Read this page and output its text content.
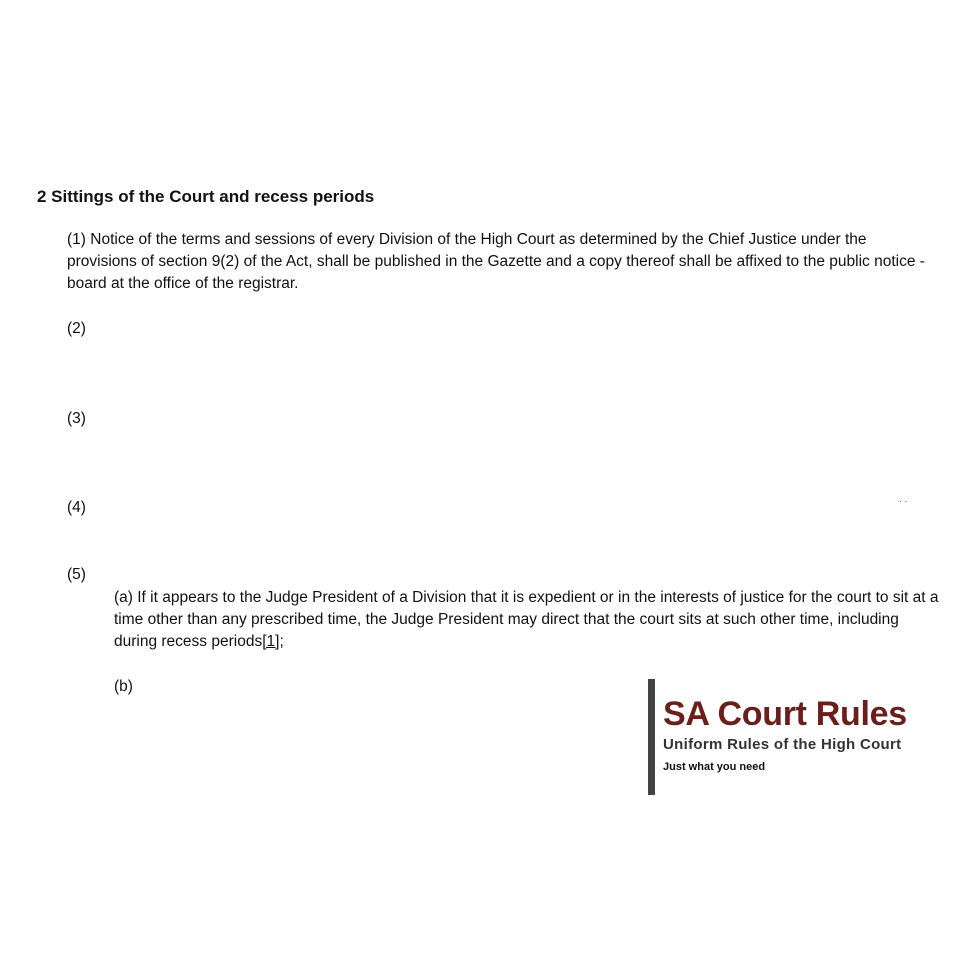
2 Sittings of the Court and recess periods
(1) Notice of the terms and sessions of every Division of the High Court as determined by the Chief Justice under the provisions of section 9(2) of the Act, shall be published in the Gazette and a copy thereof shall be affixed to the public notice -board at the office of the registrar.
(2)
(3)
(4)	. .
(5)
(a) If it appears to the Judge President of a Division that it is expedient or in the interests of justice for the court to sit at a time other than any prescribed time, the Judge President may direct that the court sits at such other time, including during recess periods[1];
(b)
SA Court Rules
Uniform Rules of the High Court
Just what you need
